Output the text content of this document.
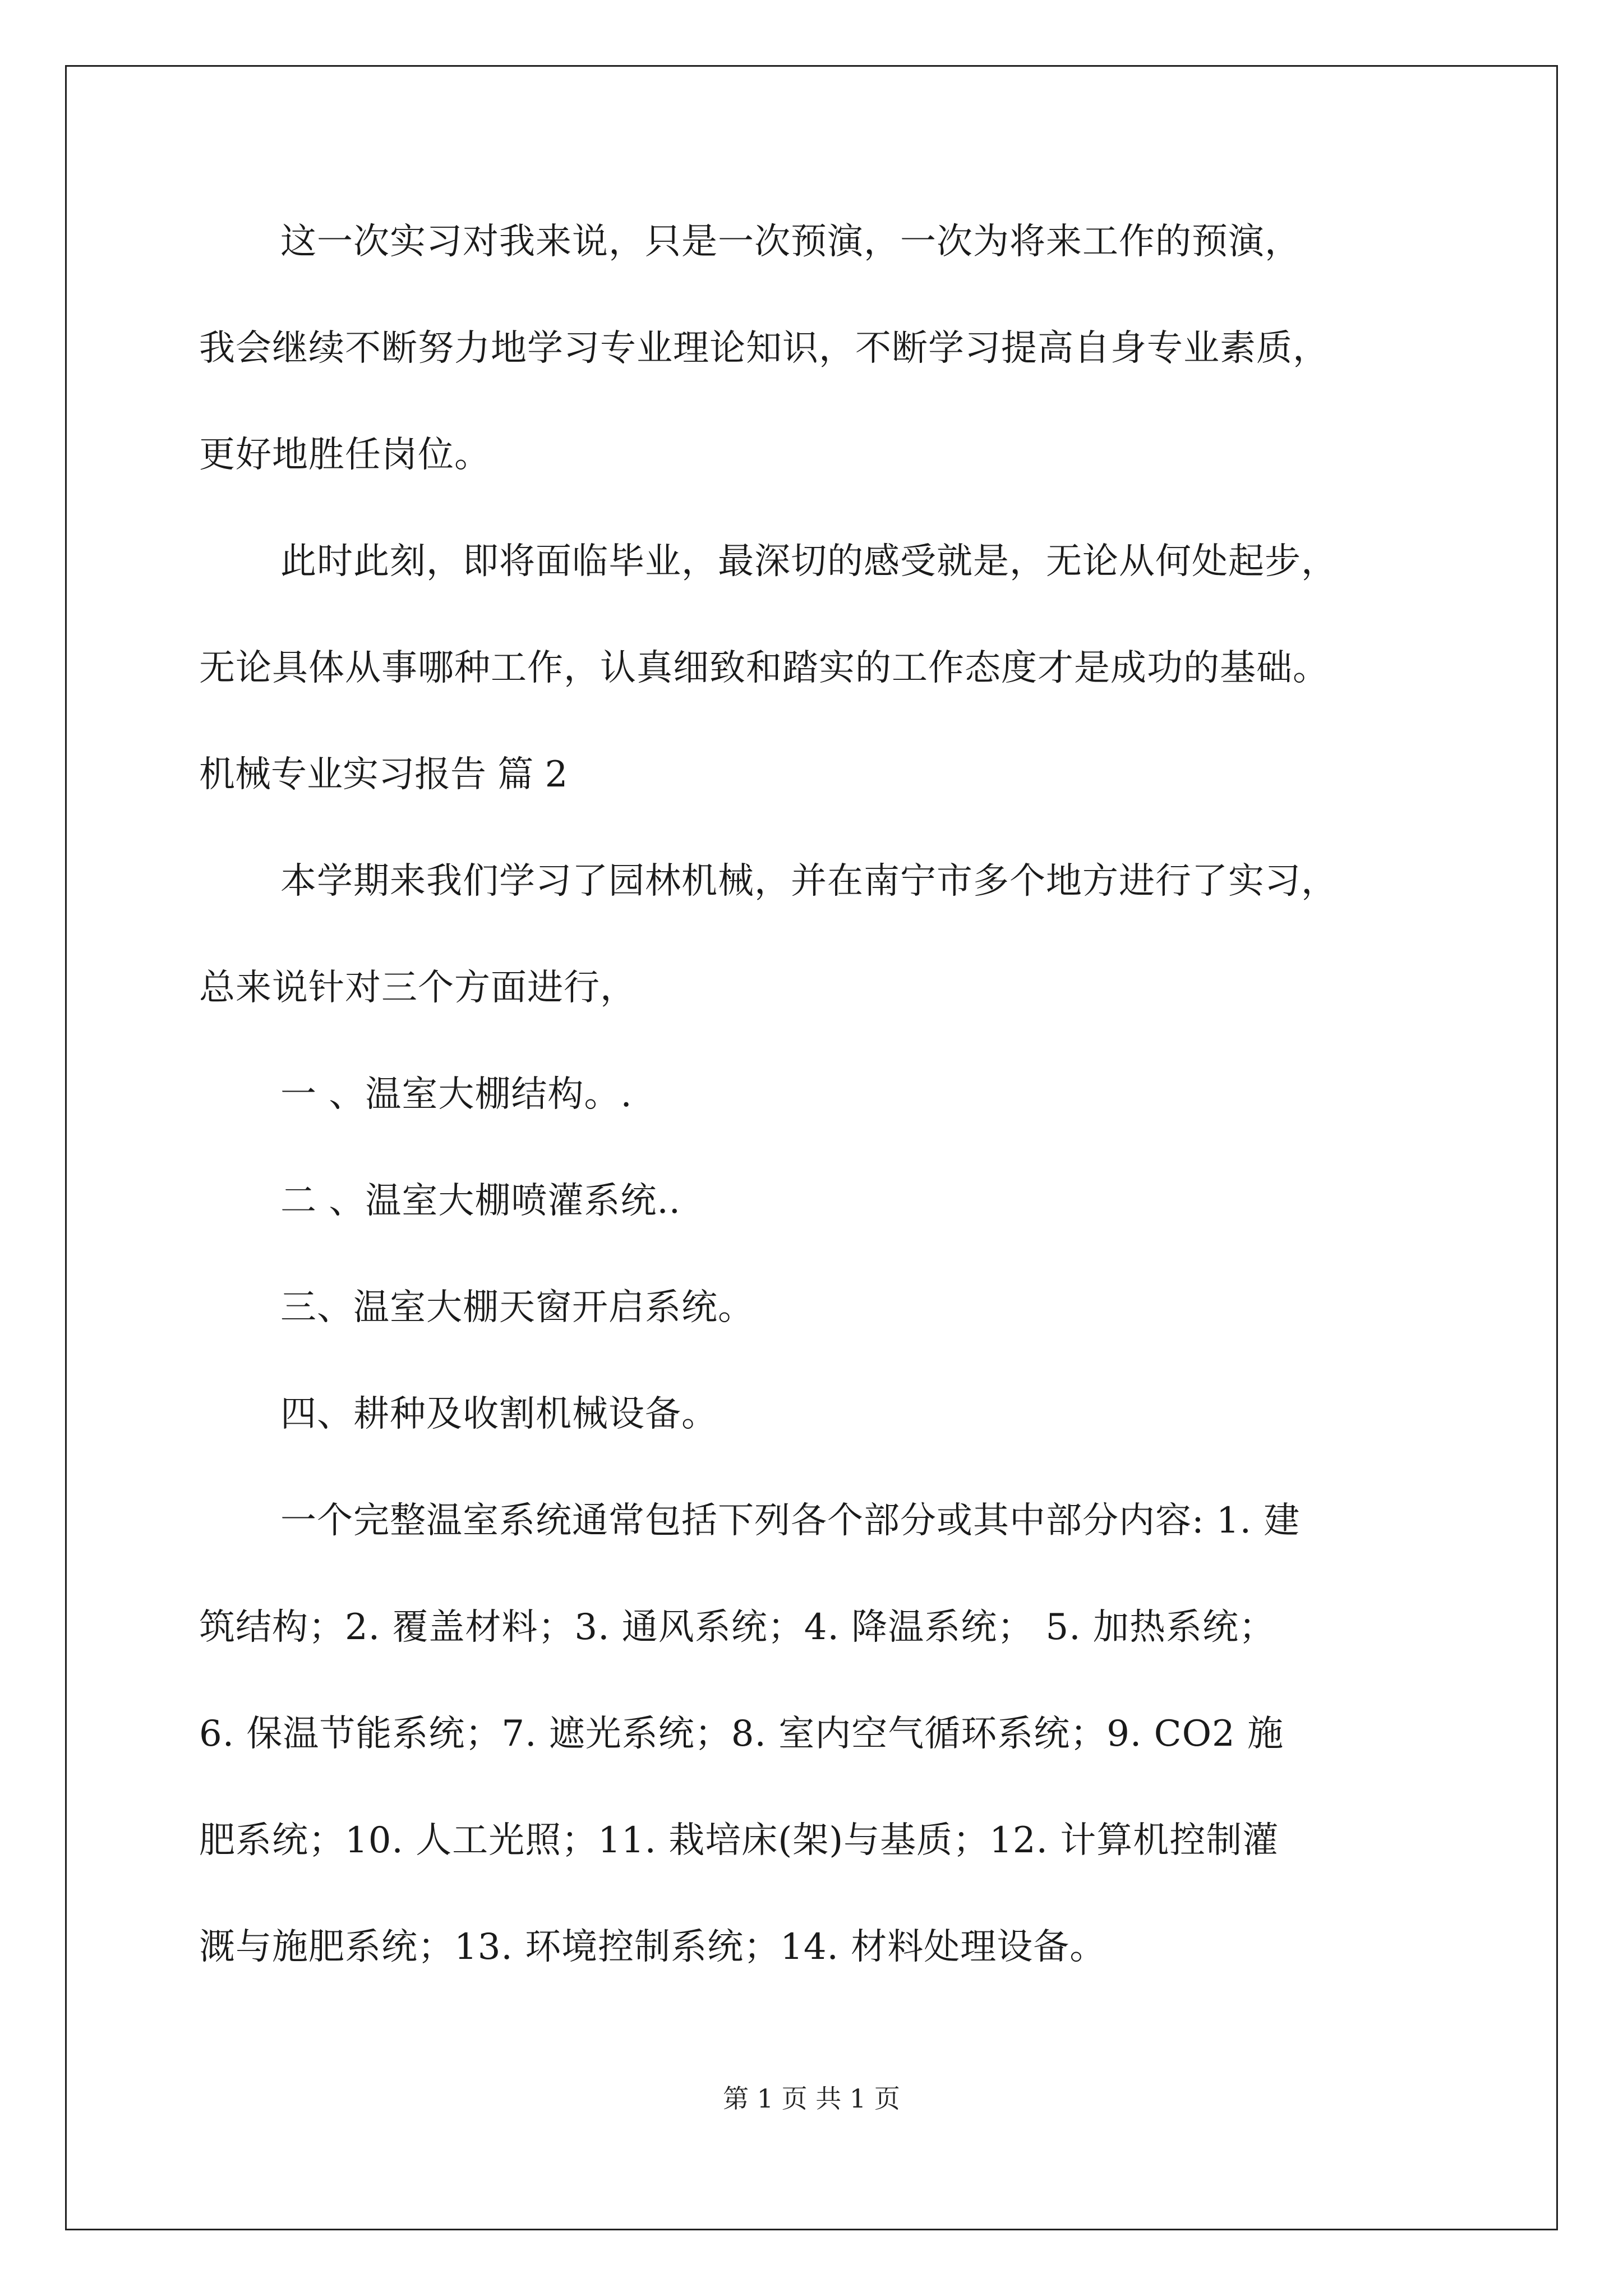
这一次实习对我来说，只是一次预演，一次为将来工作的预演，

我会继续不断努力地学习专业理论知识，不断学习提高自身专业素质，

更好地胜任岗位。

此时此刻，即将面临毕业，最深切的感受就是，无论从何处起步，

无论具体从事哪种工作，认真细致和踏实的工作态度才是成功的基础。

机械专业实习报告 篇 2

本学期来我们学习了园林机械，并在南宁市多个地方进行了实习，

总来说针对三个方面进行，

一 、温室大棚结构。.

二 、温室大棚喷灌系统..

三、温室大棚天窗开启系统。

四、耕种及收割机械设备。

一个完整温室系统通常包括下列各个部分或其中部分内容: 1. 建

筑结构；2. 覆盖材料；3. 通风系统；4. 降温系统； 5. 加热系统；

6. 保温节能系统；7. 遮光系统；8. 室内空气循环系统；9. CO2 施

肥系统；10. 人工光照；11. 栽培床(架)与基质；12. 计算机控制灌

溉与施肥系统；13. 环境控制系统；14. 材料处理设备。

第 1 页 共 1 页
